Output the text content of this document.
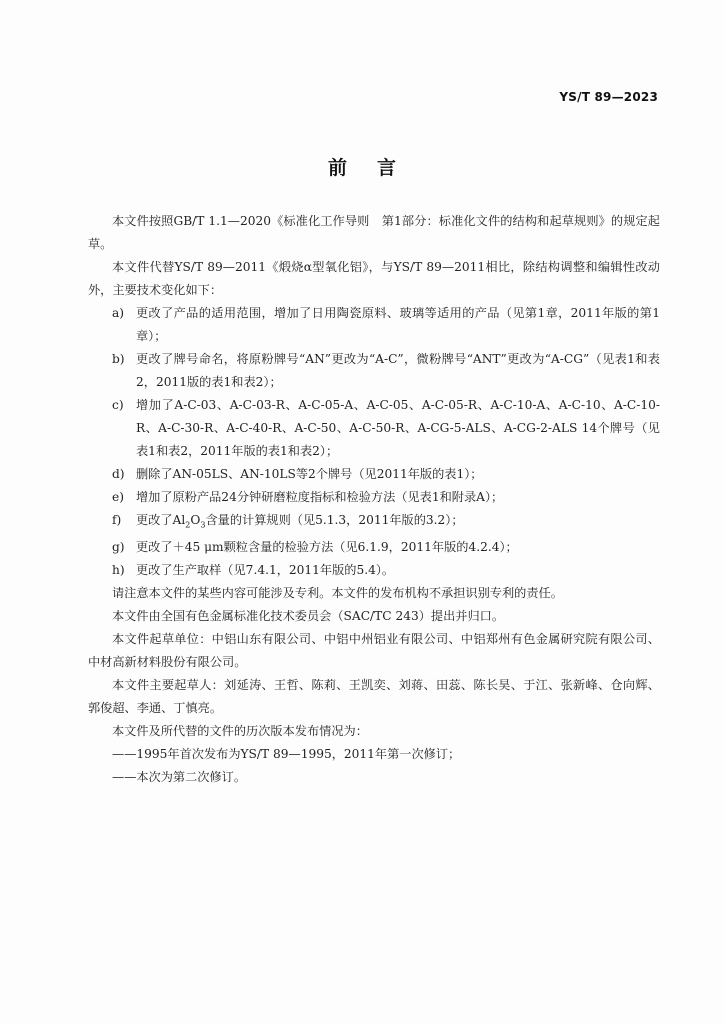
YS/T 89—2023
前言

本文件按照GB/T 1.1—2020《标准化工作导则　第1部分：标准化文件的结构和起草规则》的规定起草。

本文件代替YS/T 89—2011《煅烧α型氧化铝》，与YS/T 89—2011相比，除结构调整和编辑性改动外，主要技术变化如下：

a) 更改了产品的适用范围，增加了日用陶瓷原料、玻璃等适用的产品（见第1章，2011年版的第1章）；
b) 更改了牌号命名，将原粉牌号“AN”更改为“A-C”，微粉牌号“ANT”更改为“A-CG”（见表1和表2，2011版的表1和表2）；
c) 增加了A-C-03、A-C-03-R、A-C-05-A、A-C-05、A-C-05-R、A-C-10-A、A-C-10、A-C-10-R、A-C-30-R、A-C-40-R、A-C-50、A-C-50-R、A-CG-5-ALS、A-CG-2-ALS 14个牌号（见表1和表2，2011年版的表1和表2）；
d) 删除了AN-05LS、AN-10LS等2个牌号（见2011年版的表1）；
e) 增加了原粉产品24分钟研磨粒度指标和检验方法（见表1和附录A）；
f) 更改了$Al_2O_3$含量的计算规则（见5.1.3，2011年版的3.2）；
g) 更改了＋45 μm颗粒含量的检验方法（见6.1.9，2011年版的4.2.4）；
h) 更改了生产取样（见7.4.1，2011年版的5.4）。

请注意本文件的某些内容可能涉及专利。本文件的发布机构不承担识别专利的责任。

本文件由全国有色金属标准化技术委员会（SAC/TC 243）提出并归口。

本文件起草单位：中铝山东有限公司、中铝中州铝业有限公司、中铝郑州有色金属研究院有限公司、中材高新材料股份有限公司。

本文件主要起草人：刘延涛、王哲、陈莉、王凯奕、刘蒋、田蕊、陈长昊、于江、张新峰、仓向辉、郭俊超、李通、丁慎亮。

本文件及所代替的文件的历次版本发布情况为：

——1995年首次发布为YS/T 89—1995，2011年第一次修订；

——本次为第二次修订。
